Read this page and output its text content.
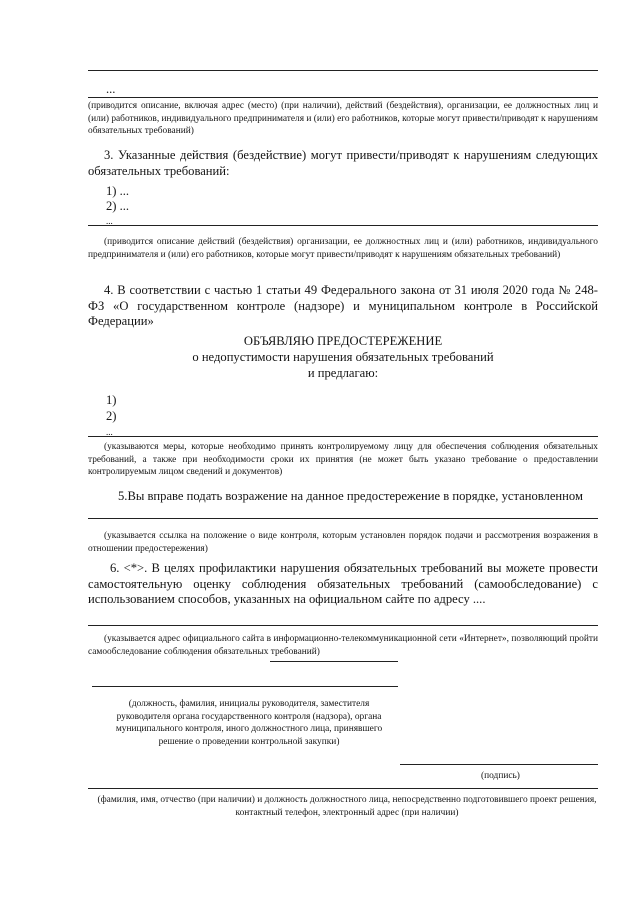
...
(приводится описание, включая адрес (место) (при наличии), действий (бездействия), организации, ее должностных лиц и (или) работников, индивидуального предпринимателя и (или) его работников, которые могут привести/приводят к нарушениям обязательных требований)
3. Указанные действия (бездействие) могут привести/приводят к нарушениям следующих обязательных требований:
1) ...
2) ...
...
(приводится описание действий (бездействия) организации, ее должностных лиц и (или) работников, индивидуального предпринимателя и (или) его работников, которые могут привести/приводят к нарушениям обязательных требований)
4. В соответствии с частью 1 статьи 49 Федерального закона от 31 июля 2020 года № 248-ФЗ «О государственном контроле (надзоре) и муниципальном контроле в Российской Федерации»
ОБЪЯВЛЯЮ ПРЕДОСТЕРЕЖЕНИЕ
о недопустимости нарушения обязательных требований
и предлагаю:
1)
2)
...
(указываются меры, которые необходимо принять контролируемому лицу для обеспечения соблюдения обязательных требований, а также при необходимости сроки их принятия (не может быть указано требование о предоставлении контролируемым лицом сведений и документов)
5.Вы вправе подать возражение на данное предостережение в порядке, установленном
(указывается ссылка на положение о виде контроля, которым установлен порядок подачи и рассмотрения возражения в отношении предостережения)
6. <*>. В целях профилактики нарушения обязательных требований вы можете провести самостоятельную оценку соблюдения обязательных требований (самообследование) с использованием способов, указанных на официальном сайте по адресу ....
(указывается адрес официального сайта в информационно-телекоммуникационной сети «Интернет», позволяющий пройти самообследование соблюдения обязательных требований)
(должность, фамилия, инициалы руководителя, заместителя руководителя органа государственного контроля (надзора), органа муниципального контроля, иного должностного лица, принявшего решение о проведении контрольной закупки)
(подпись)
(фамилия, имя, отчество (при наличии) и должность должностного лица, непосредственно подготовившего проект решения, контактный телефон, электронный адрес (при наличии)
